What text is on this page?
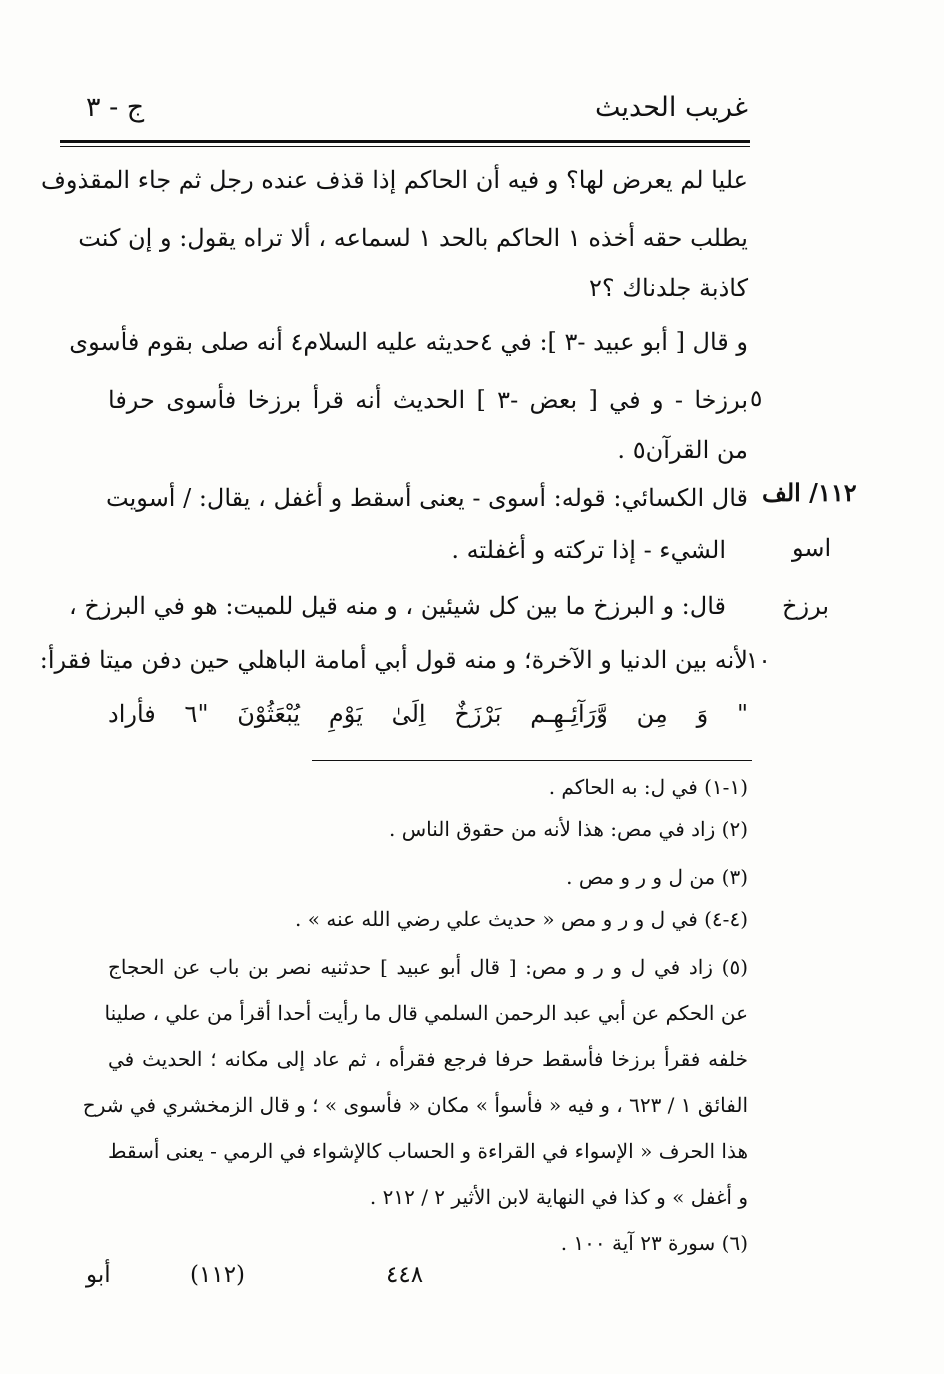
غريب الحديث
ج - ٣
عليا لم يعرض لها؟ و فيه أن الحاكم إذا قذف عنده رجل ثم جاء المقذوف
يطلب حقه أخذه ١ الحاكم بالحد ١ لسماعه ، ألا تراه يقول: و إن كنت
كاذبة جلدناك ؟٢
و قال [ أبو عبيد -٣ ]: في ٤حديثه عليه السلام٤ أنه صلى بقوم فأسوى
برزخا - و في [ بعض -٣ ] الحديث أنه قرأ برزخا فأسوى حرفا
من القرآن٥ .
قال الكسائي: قوله: أسوى - يعنى أسقط و أغفل ، يقال: / أسويت
الشيء - إذا تركته و أغفلته .
قال: و البرزخ ما بين كل شيئين ، و منه قيل للميت: هو في البرزخ ،
لأنه بين الدنيا و الآخرة؛ و منه قول أبي أمامة الباهلي حين دفن ميتا فقرأ:
" وَ مِن وَّرَآئِـهِـم بَرْزَخٌ اِلَىٰ يَوْمِ يُبْعَثُوْنَ "٦ فأراد
٥
١٠
١١٢/ الف
اسو
برزخ
(١-١) في ل: به الحاكم .
(٢) زاد في مص: هذا لأنه من حقوق الناس .
(٣) من ل و ر و مص .
(٤-٤) في ل و ر و مص « حديث علي رضي الله عنه » .
(٥) زاد في ل و ر و مص: [ قال أبو عبيد ] حدثنيه نصر بن باب عن الحجاج
عن الحكم عن أبي عبد الرحمن السلمي قال ما رأيت أحدا أقرأ من علي ، صلينا
خلفه فقرأ برزخا فأسقط حرفا فرجع فقرأه ، ثم عاد إلى مكانه ؛ الحديث في
الفائق ١ / ٦٢٣ ، و فيه « فأسوأ » مكان « فأسوى » ؛ و قال الزمخشري في شرح
هذا الحرف « الإسواء في القراءة و الحساب كالإشواء في الرمي - يعنى أسقط
و أغفل » و كذا في النهاية لابن الأثير ٢ / ٢١٢ .
(٦) سورة ٢٣ آية ١٠٠ .
أبو	(١١٢)	٤٤٨
